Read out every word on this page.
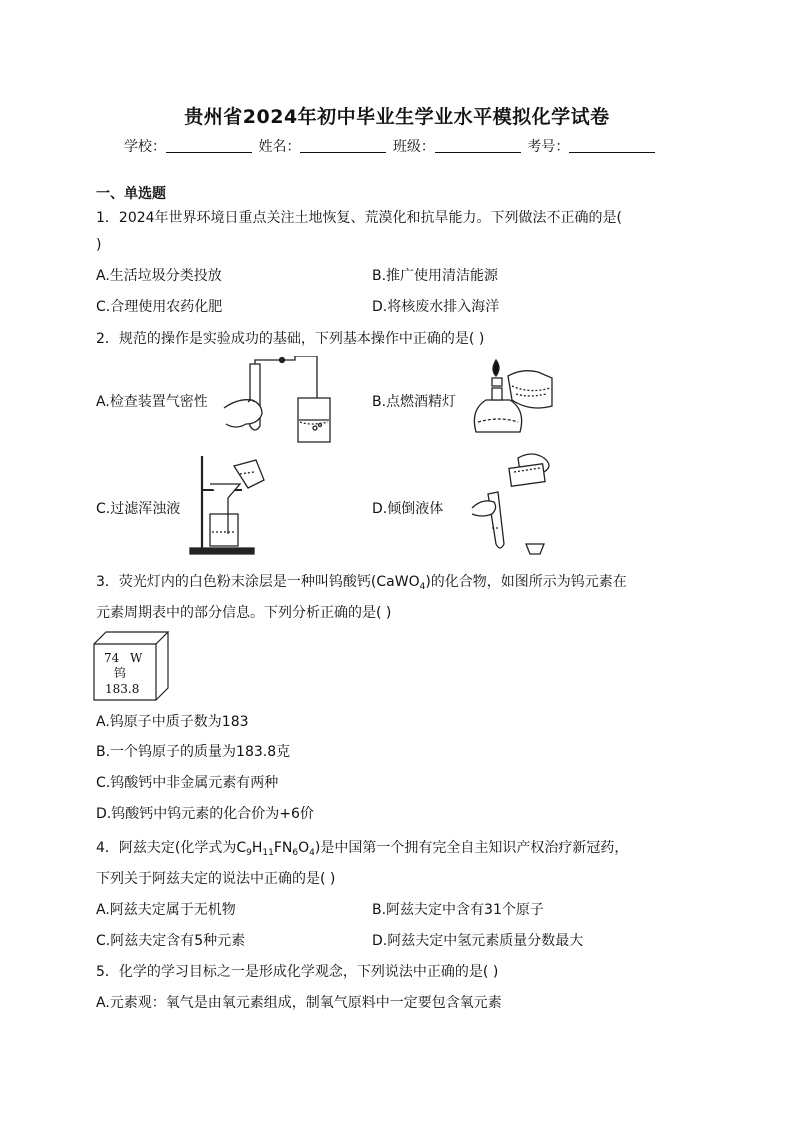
贵州省2024年初中毕业生学业水平模拟化学试卷
学校：	姓名：	班级：	考号：
一、单选题
1．2024年世界环境日重点关注土地恢复、荒漠化和抗旱能力。下列做法不正确的是(
)
A.生活垃圾分类投放	B.推广使用清洁能源
C.合理使用农药化肥	D.将核废水排入海洋
2．规范的操作是实验成功的基础，下列基本操作中正确的是( )
A.检查装置气密性	B.点燃酒精灯
C.过滤浑浊液	D.倾倒液体
3．荧光灯内的白色粉末涂层是一种叫钨酸钙(CaWO$_4$)的化合物，如图所示为钨元素在
元素周期表中的部分信息。下列分析正确的是( )
74 W
钨
183.8
A.钨原子中质子数为183
B.一个钨原子的质量为183.8克
C.钨酸钙中非金属元素有两种
D.钨酸钙中钨元素的化合价为+6价
4．阿兹夫定(化学式为$C_9H_{11}FN_6O_4$)是中国第一个拥有完全自主知识产权治疗新冠药，
下列关于阿兹夫定的说法中正确的是( )
A.阿兹夫定属于无机物	B.阿兹夫定中含有31个原子
C.阿兹夫定含有5种元素	D.阿兹夫定中氢元素质量分数最大
5．化学的学习目标之一是形成化学观念，下列说法中正确的是( )
A.元素观：氧气是由氧元素组成，制氧气原料中一定要包含氧元素
